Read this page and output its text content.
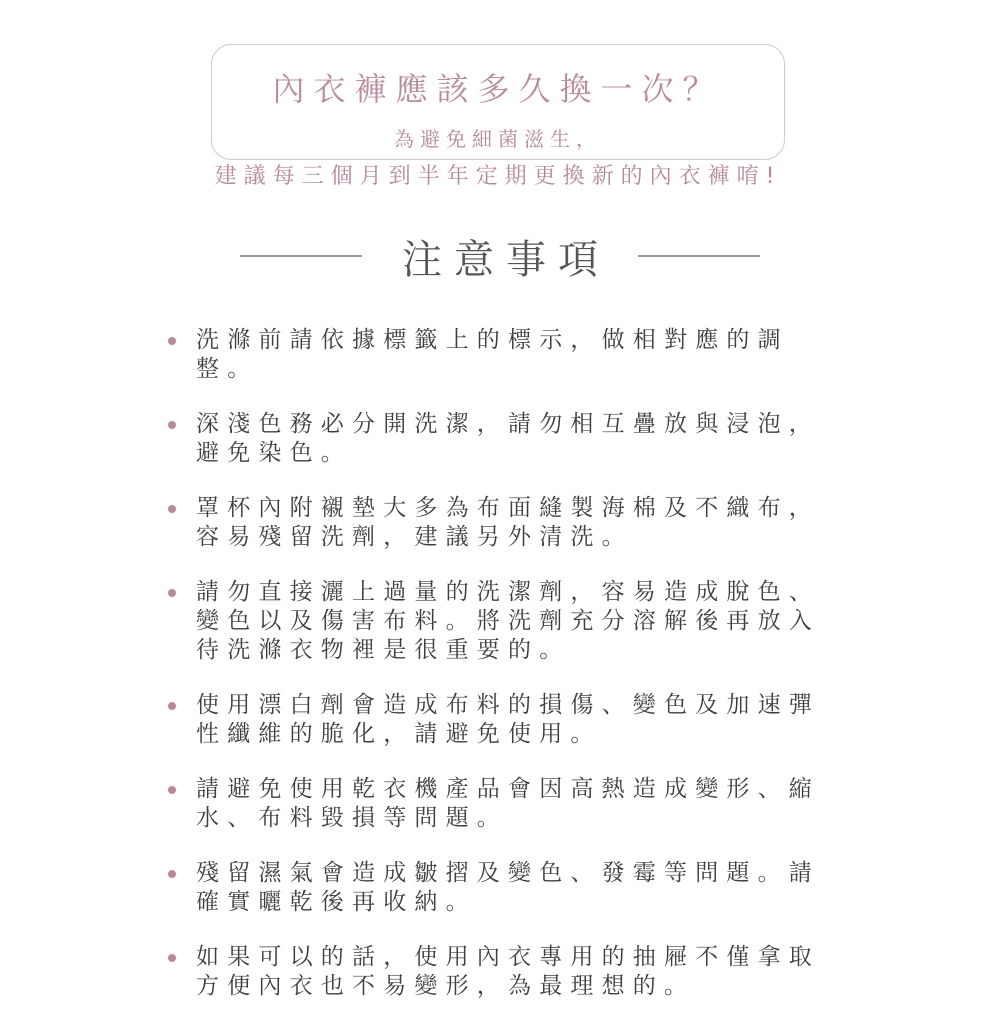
內衣褲應該多久換一次？
為避免細菌滋生，
建議每三個月到半年定期更換新的內衣褲唷!
注意事項
洗滌前請依據標籤上的標示，做相對應的調整。
深淺色務必分開洗潔，請勿相互疊放與浸泡，避免染色。
罩杯內附襯墊大多為布面縫製海棉及不織布，容易殘留洗劑，建議另外清洗。
請勿直接灑上過量的洗潔劑，容易造成脫色、變色以及傷害布料。將洗劑充分溶解後再放入待洗滌衣物裡是很重要的。
使用漂白劑會造成布料的損傷、變色及加速彈性纖維的脆化，請避免使用。
請避免使用乾衣機產品會因高熱造成變形、縮水、布料毀損等問題。
殘留濕氣會造成皺摺及變色、發霉等問題。請確實曬乾後再收納。
如果可以的話，使用內衣專用的抽屜不僅拿取方便內衣也不易變形，為最理想的。
